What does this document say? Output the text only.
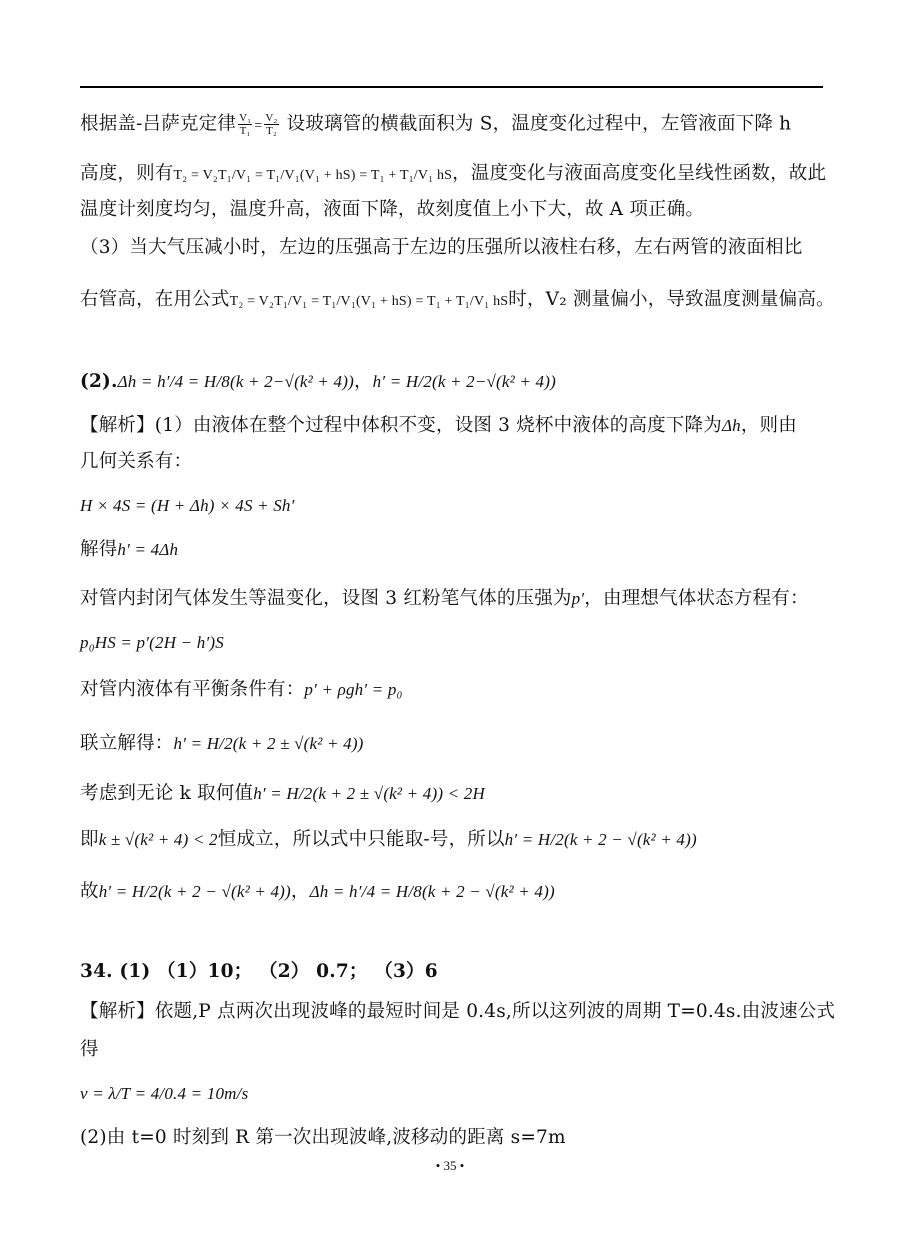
根据盖-吕萨克定律 $\frac{\text{V₁}}{\text{T₁}} = \frac{\text{V₂}}{\text{T₂}}$ 设玻璃管的横截面积为 S，温度变化过程中，左管液面下降 h
高度，则有T₂ = V₂T₁/V₁ = T₁/V₁(V₁ + hS) = T₁ + T₁/V₁ hS，温度变化与液面高度变化呈线性函数，故此
温度计刻度均匀，温度升高，液面下降，故刻度值上小下大，故 A 项正确。
（3）当大气压减小时，左边的压强高于左边的压强所以液柱右移，左右两管的液面相比
右管高，在用公式T₂ = V₂T₁/V₁ = T₁/V₁(V₁ + hS) = T₁ + T₁/V₁ hS时，V₂ 测量偏小，导致温度测量偏高。
(2).Δh = h′/4 = H/8(k + 2−√(k² + 4))，h′ = H/2(k + 2−√(k² + 4))
【解析】(1）由液体在整个过程中体积不变，设图 3 烧杯中液体的高度下降为Δh，则由
几何关系有：
H × 4S = (H + Δh) × 4S + Sh′
解得h′ = 4Δh
对管内封闭气体发生等温变化，设图 3 红粉笔气体的压强为p′，由理想气体状态方程有：
p₀HS = p′(2H − h′)S
对管内液体有平衡条件有：p′ + ρgh′ = p₀
联立解得：h′ = H/2(k + 2 ± √(k² + 4))
考虑到无论 k 取何值h′ = H/2(k + 2 ± √(k² + 4)) < 2H
即k ± √(k² + 4) < 2恒成立，所以式中只能取-号，所以h′ = H/2(k + 2 − √(k² + 4))
故h′ = H/2(k + 2 − √(k² + 4))，Δh = h′/4 = H/8(k + 2 − √(k² + 4))
34. (1) （1）10； （2） 0.7； （3）6
【解析】依题,P 点两次出现波峰的最短时间是 0.4s,所以这列波的周期 T=0.4s.由波速公式
得
v = λ/T = 4/0.4 = 10m/s
(2)由 t=0 时刻到 R 第一次出现波峰,波移动的距离 s=7m
• 35 •
